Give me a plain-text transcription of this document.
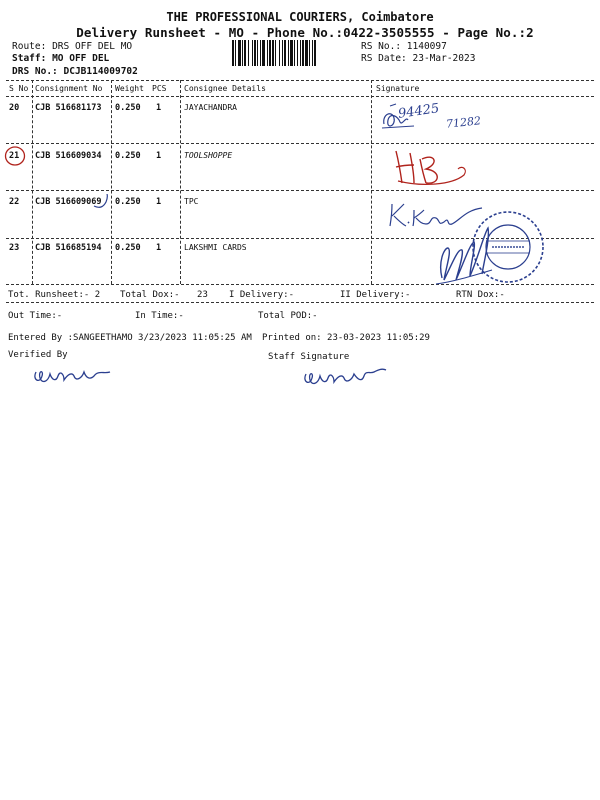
THE PROFESSIONAL COURIERS, Coimbatore
Delivery Runsheet - MO - Phone No.:0422-3505555 - Page No.:2
Route: DRS OFF DEL MO
Staff: MO OFF DEL
DRS No.: DCJB114009702
RS No.: 1140097
RS Date: 23-Mar-2023
S No Consignment No Weight PCS Consignee Details	Signature
20 CJB 516681173 0.250 1	JAYACHANDRA
21 CJB 516609034 0.250 1	TOOLSHOPPE
22 CJB 516609069 0.250 1	TPC
23 CJB 516685194 0.250 1	LAKSHMI CARDS
94425
71282
Tot. Runsheet:- 2 Total Dox:- 23 I Delivery:-	II Delivery:-	RTN Dox:-
Out Time:-	In Time:-	Total POD:-
Entered By :SANGEETHAMO 3/23/2023 11:05:25 AM Printed on: 23-03-2023 11:05:29
Verified By	Staff Signature
